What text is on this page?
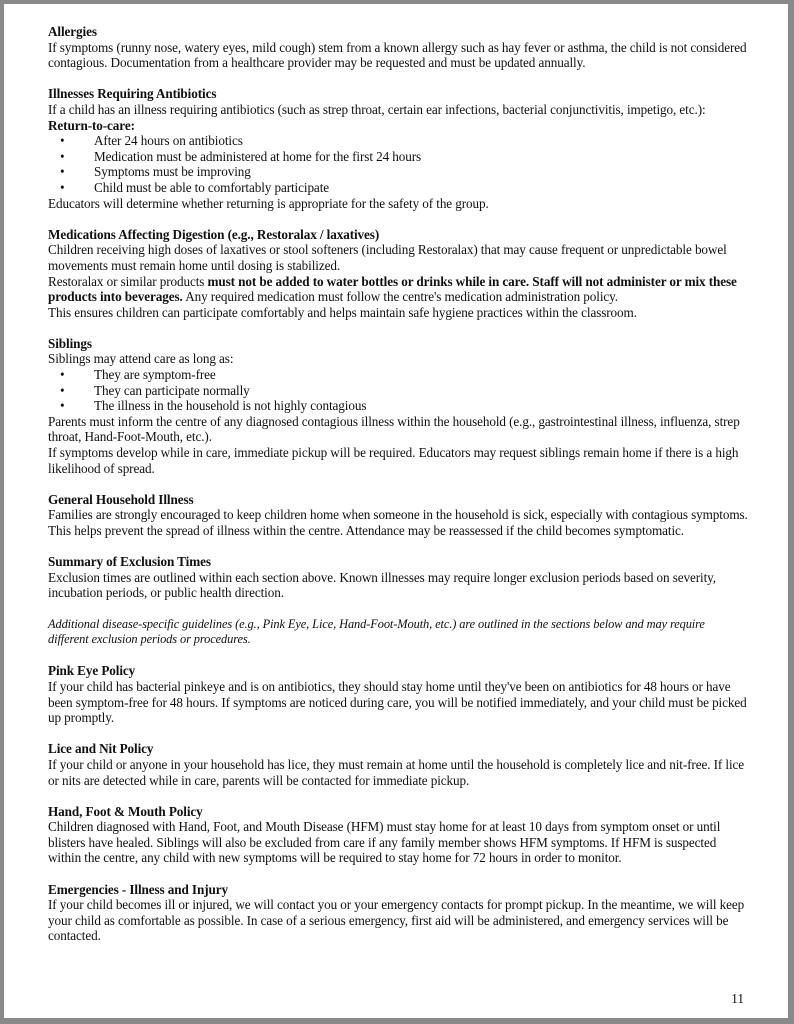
Allergies

If symptoms (runny nose, watery eyes, mild cough) stem from a known allergy such as hay fever or asthma, the child is not considered contagious. Documentation from a healthcare provider may be requested and must be updated annually.

Illnesses Requiring Antibiotics

If a child has an illness requiring antibiotics (such as strep throat, certain ear infections, bacterial conjunctivitis, impetigo, etc.):

Return-to-care:

• After 24 hours on antibiotics
• Medication must be administered at home for the first 24 hours
• Symptoms must be improving
• Child must be able to comfortably participate

Educators will determine whether returning is appropriate for the safety of the group.

Medications Affecting Digestion (e.g., Restoralax / laxatives)

Children receiving high doses of laxatives or stool softeners (including Restoralax) that may cause frequent or unpredictable bowel movements must remain home until dosing is stabilized.

Restoralax or similar products must not be added to water bottles or drinks while in care. Staff will not administer or mix these products into beverages. Any required medication must follow the centre's medication administration policy.

This ensures children can participate comfortably and helps maintain safe hygiene practices within the classroom.

Siblings

Siblings may attend care as long as:

• They are symptom-free
• They can participate normally
• The illness in the household is not highly contagious

Parents must inform the centre of any diagnosed contagious illness within the household (e.g., gastrointestinal illness, influenza, strep throat, Hand-Foot-Mouth, etc.).

If symptoms develop while in care, immediate pickup will be required. Educators may request siblings remain home if there is a high likelihood of spread.

General Household Illness

Families are strongly encouraged to keep children home when someone in the household is sick, especially with contagious symptoms. This helps prevent the spread of illness within the centre. Attendance may be reassessed if the child becomes symptomatic.

Summary of Exclusion Times

Exclusion times are outlined within each section above. Known illnesses may require longer exclusion periods based on severity, incubation periods, or public health direction.

Additional disease-specific guidelines (e.g., Pink Eye, Lice, Hand-Foot-Mouth, etc.) are outlined in the sections below and may require different exclusion periods or procedures.

Pink Eye Policy

If your child has bacterial pinkeye and is on antibiotics, they should stay home until they've been on antibiotics for 48 hours or have been symptom-free for 48 hours. If symptoms are noticed during care, you will be notified immediately, and your child must be picked up promptly.

Lice and Nit Policy

If your child or anyone in your household has lice, they must remain at home until the household is completely lice and nit-free. If lice or nits are detected while in care, parents will be contacted for immediate pickup.

Hand, Foot & Mouth Policy

Children diagnosed with Hand, Foot, and Mouth Disease (HFM) must stay home for at least 10 days from symptom onset or until blisters have healed. Siblings will also be excluded from care if any family member shows HFM symptoms. If HFM is suspected within the centre, any child with new symptoms will be required to stay home for 72 hours in order to monitor.

Emergencies - Illness and Injury

If your child becomes ill or injured, we will contact you or your emergency contacts for prompt pickup. In the meantime, we will keep your child as comfortable as possible. In case of a serious emergency, first aid will be administered, and emergency services will be contacted.

11
